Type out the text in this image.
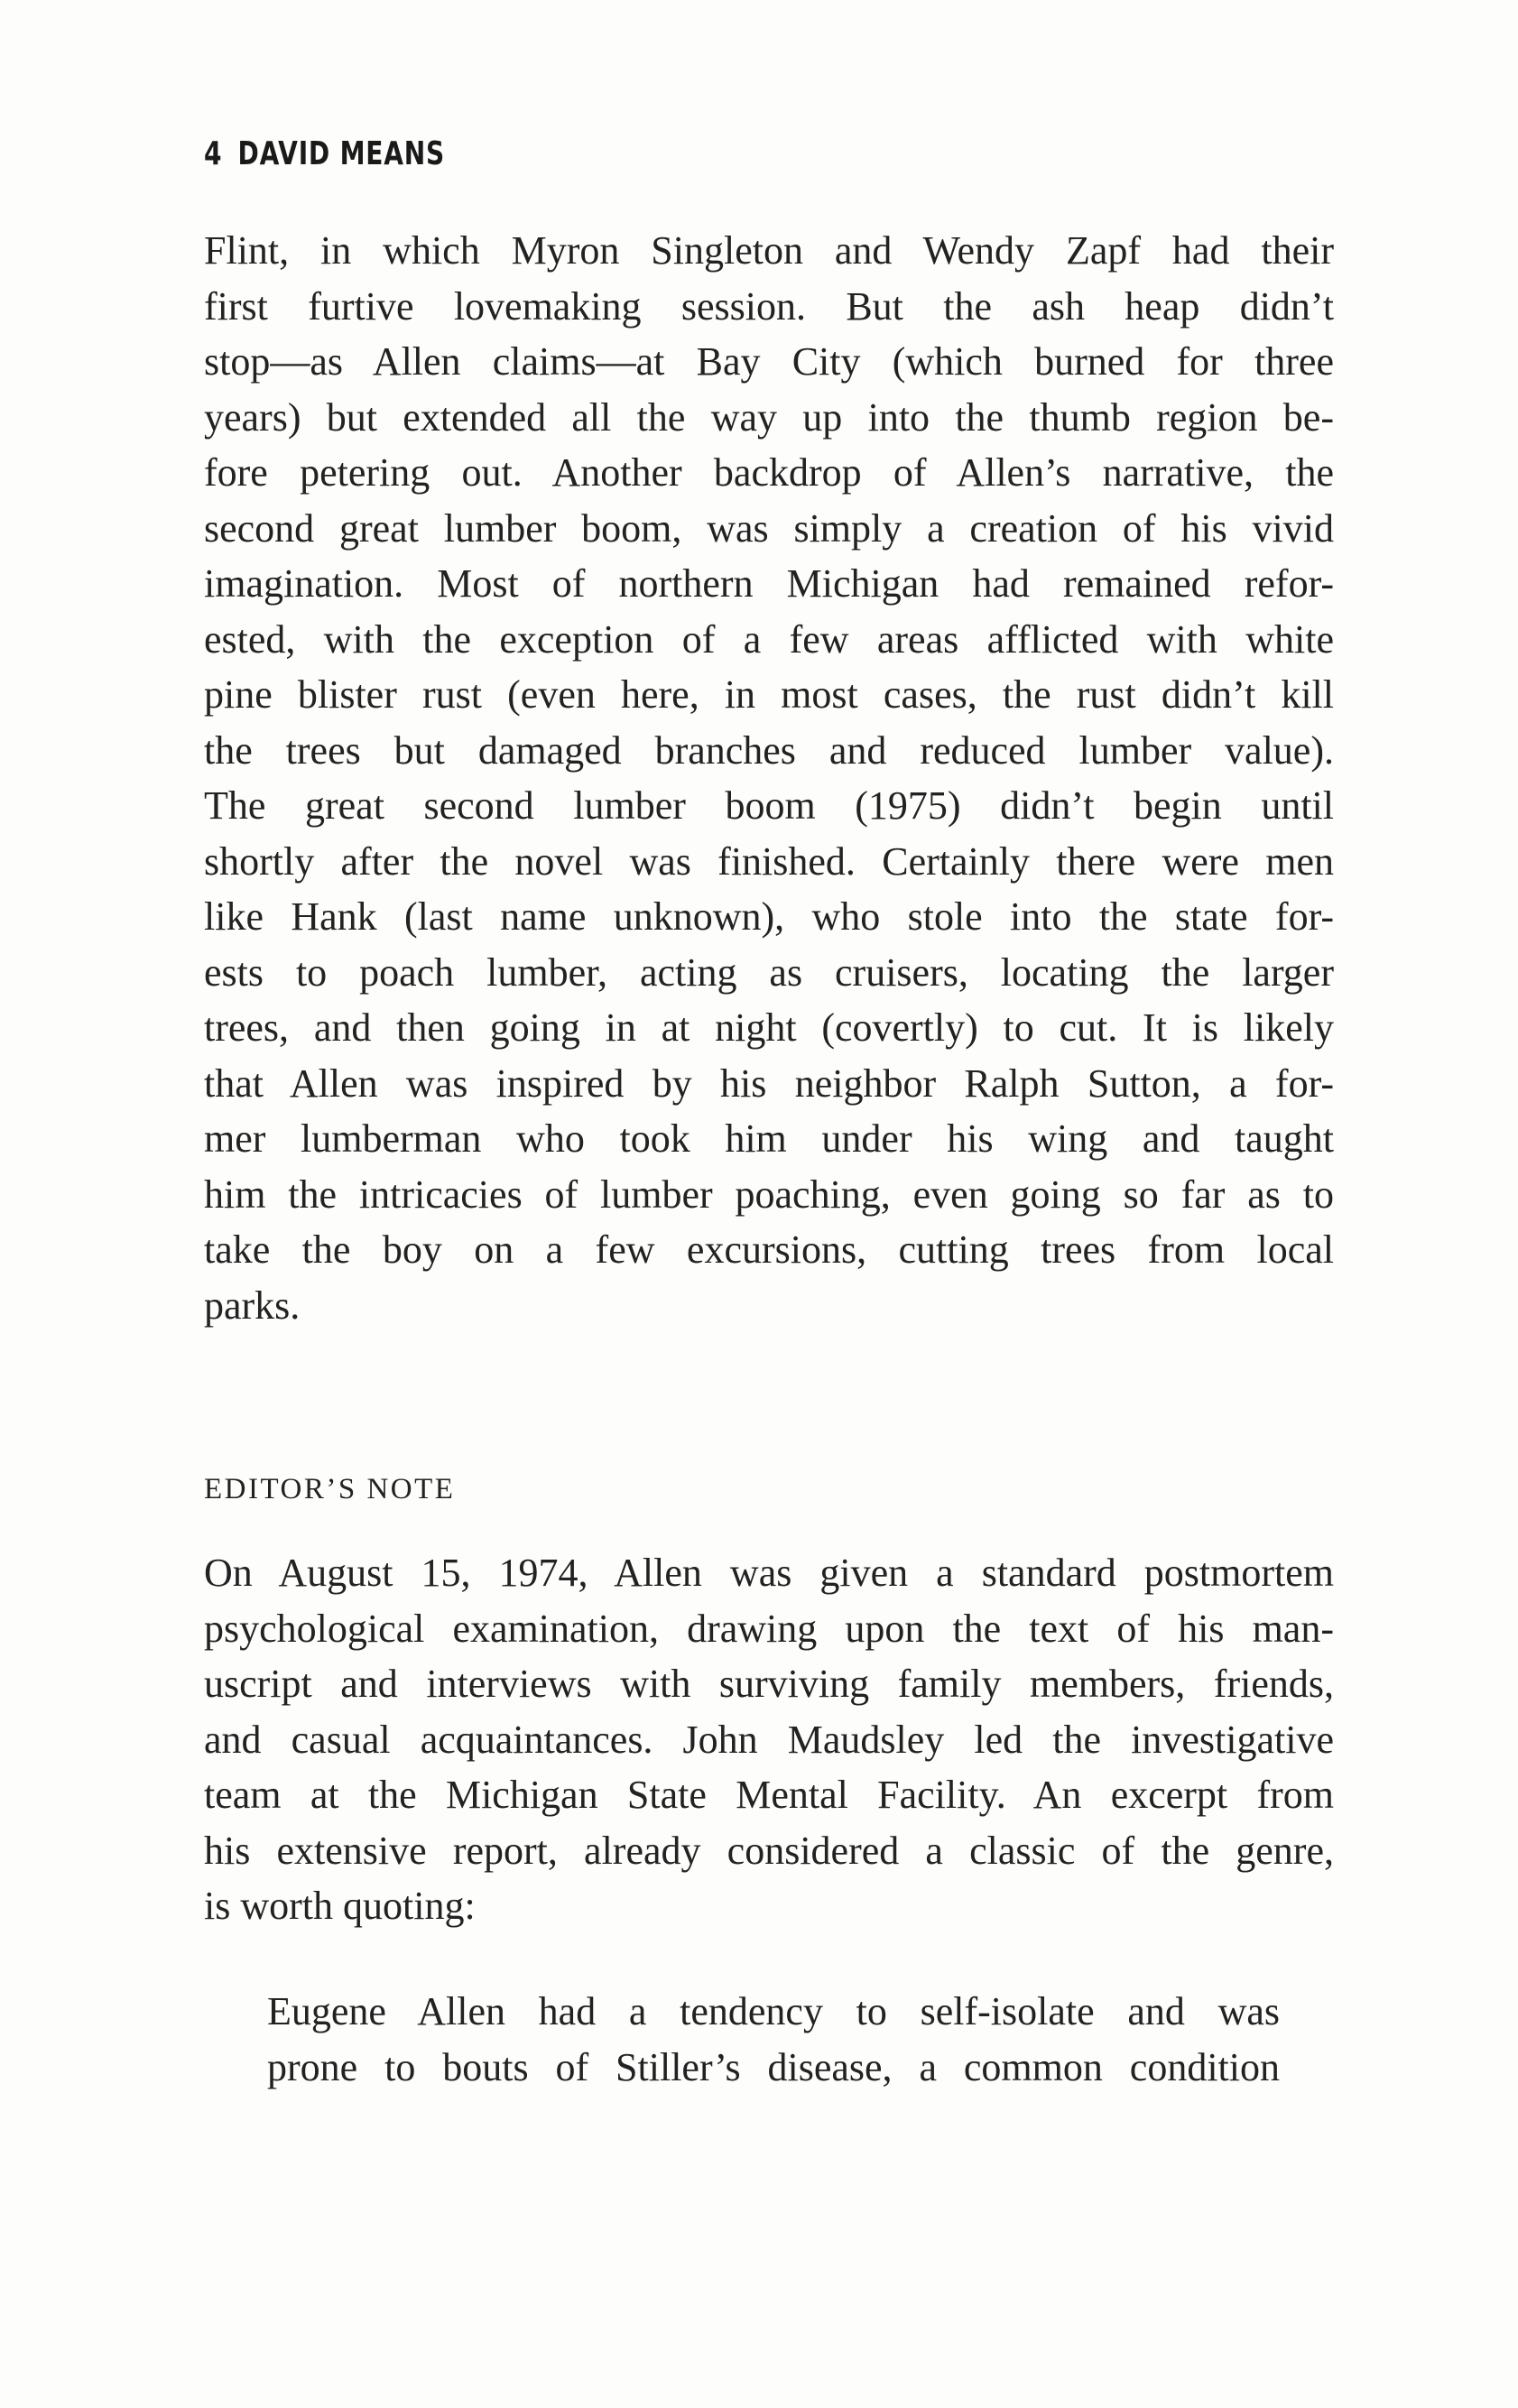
4 DAVID MEANS
Flint, in which Myron Singleton and Wendy Zapf had their
first furtive lovemaking session. But the ash heap didn’t
stop—as Allen claims—at Bay City (which burned for three
years) but extended all the way up into the thumb region be-
fore petering out. Another backdrop of Allen’s narrative, the
second great lumber boom, was simply a creation of his vivid
imagination. Most of northern Michigan had remained refor-
ested, with the exception of a few areas afflicted with white
pine blister rust (even here, in most cases, the rust didn’t kill
the trees but damaged branches and reduced lumber value).
The great second lumber boom (1975) didn’t begin until
shortly after the novel was finished. Certainly there were men
like Hank (last name unknown), who stole into the state for-
ests to poach lumber, acting as cruisers, locating the larger
trees, and then going in at night (covertly) to cut. It is likely
that Allen was inspired by his neighbor Ralph Sutton, a for-
mer lumberman who took him under his wing and taught
him the intricacies of lumber poaching, even going so far as to
take the boy on a few excursions, cutting trees from local
parks.
EDITOR’S NOTE
On August 15, 1974, Allen was given a standard postmortem
psychological examination, drawing upon the text of his man-
uscript and interviews with surviving family members, friends,
and casual acquaintances. John Maudsley led the investigative
team at the Michigan State Mental Facility. An excerpt from
his extensive report, already considered a classic of the genre,
is worth quoting:
Eugene Allen had a tendency to self-isolate and was
prone to bouts of Stiller’s disease, a common condition
